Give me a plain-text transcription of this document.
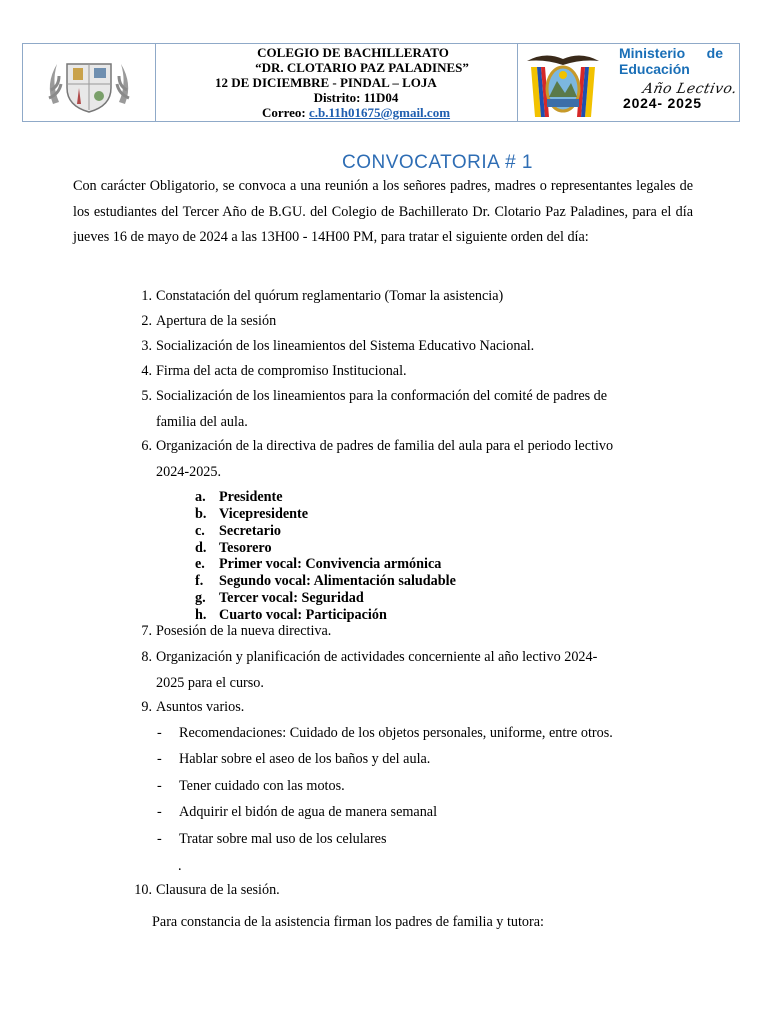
COLEGIO DE BACHILLERATO
“DR. CLOTARIO PAZ PALADINES”
12 DE DICIEMBRE - PINDAL – LOJA
Distrito: 11D04
Correo: c.b.11h01675@gmail.com
Ministerio de
Educación
Año Lectivo.
2024- 2025
CONVOCATORIA # 1
Con carácter Obligatorio, se convoca a una reunión a los señores padres, madres o representantes legales de los estudiantes del Tercer Año de B.GU. del Colegio de Bachillerato Dr. Clotario Paz Paladines, para el día jueves 16 de mayo de 2024 a las 13H00 - 14H00 PM, para tratar el siguiente orden del día:
1. Constatación del quórum reglamentario (Tomar la asistencia)
2. Apertura de la sesión
3. Socialización de los lineamientos del Sistema Educativo Nacional.
4. Firma del acta de compromiso Institucional.
5. Socialización de los lineamientos para la conformación del comité de padres de
familia del aula.
6. Organización de la directiva de padres de familia del aula para el periodo lectivo
2024-2025.
a. Presidente
b. Vicepresidente
c. Secretario
d. Tesorero
e. Primer vocal: Convivencia armónica
f. Segundo vocal: Alimentación saludable
g. Tercer vocal: Seguridad
h. Cuarto vocal: Participación
7. Posesión de la nueva directiva.
8. Organización y planificación de actividades concerniente al año lectivo 2024-
2025 para el curso.
9. Asuntos varios.
- Recomendaciones: Cuidado de los objetos personales, uniforme, entre otros.
- Hablar sobre el aseo de los baños y del aula.
- Tener cuidado con las motos.
- Adquirir el bidón de agua de manera semanal
- Tratar sobre mal uso de los celulares
.
10. Clausura de la sesión.
Para constancia de la asistencia firman los padres de familia y tutora:
